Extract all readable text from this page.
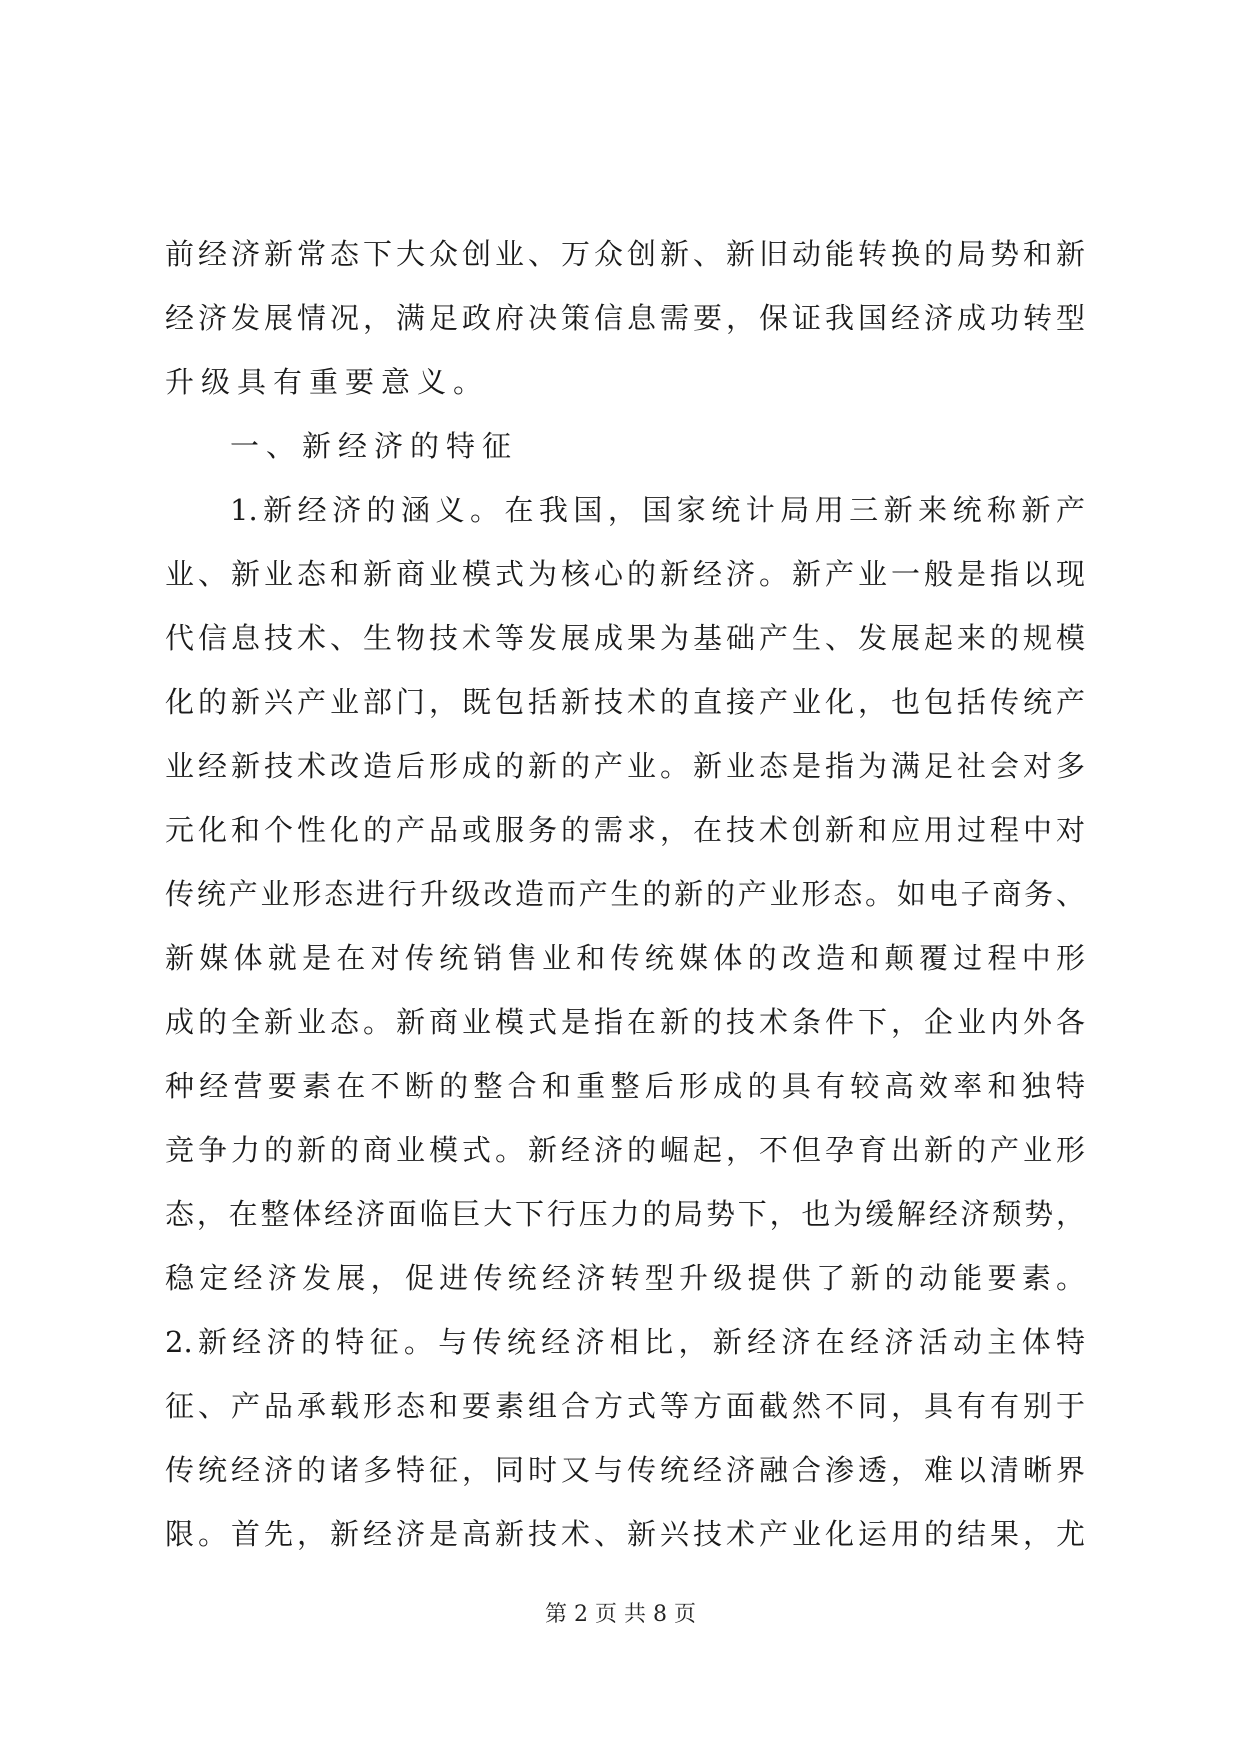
前经济新常态下大众创业、万众创新、新旧动能转换的局势和新
经济发展情况，满足政府决策信息需要，保证我国经济成功转型
升级具有重要意义。
一、新经济的特征
1.新经济的涵义。在我国，国家统计局用三新来统称新产
业、新业态和新商业模式为核心的新经济。新产业一般是指以现
代信息技术、生物技术等发展成果为基础产生、发展起来的规模
化的新兴产业部门，既包括新技术的直接产业化，也包括传统产
业经新技术改造后形成的新的产业。新业态是指为满足社会对多
元化和个性化的产品或服务的需求，在技术创新和应用过程中对
传统产业形态进行升级改造而产生的新的产业形态。如电子商务、
新媒体就是在对传统销售业和传统媒体的改造和颠覆过程中形
成的全新业态。新商业模式是指在新的技术条件下，企业内外各
种经营要素在不断的整合和重整后形成的具有较高效率和独特
竞争力的新的商业模式。新经济的崛起，不但孕育出新的产业形
态，在整体经济面临巨大下行压力的局势下，也为缓解经济颓势，
稳定经济发展，促进传统经济转型升级提供了新的动能要素。
2.新经济的特征。与传统经济相比，新经济在经济活动主体特
征、产品承载形态和要素组合方式等方面截然不同，具有有别于
传统经济的诸多特征，同时又与传统经济融合渗透，难以清晰界
限。首先，新经济是高新技术、新兴技术产业化运用的结果，尤
第 2 页 共 8 页
